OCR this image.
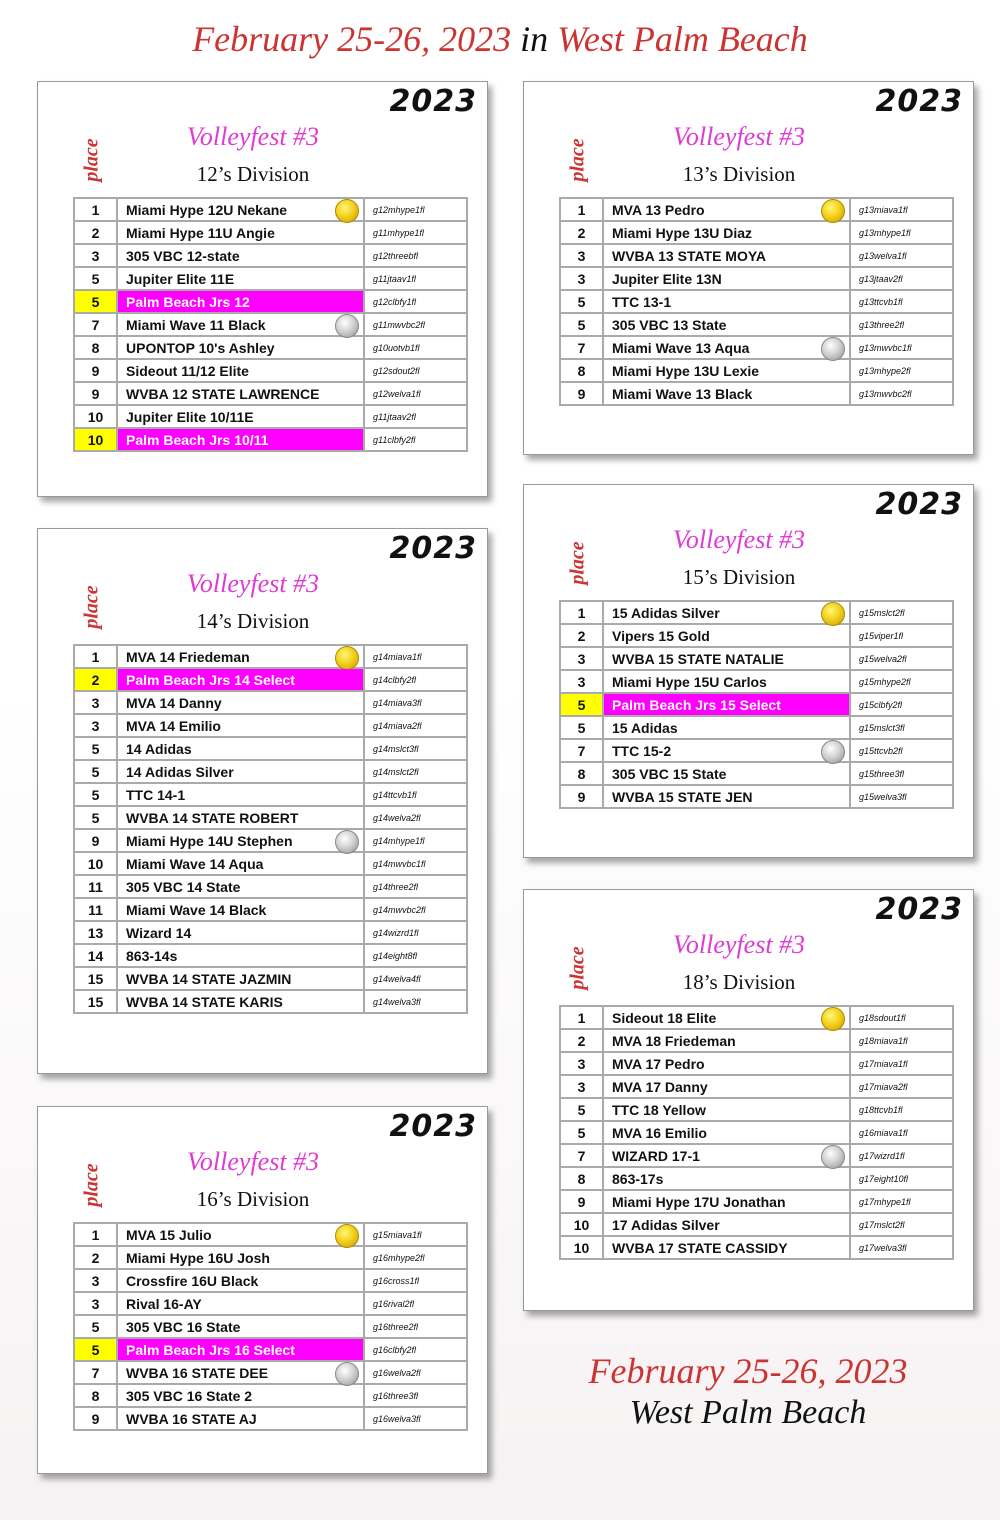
February 25-26, 2023 in West Palm Beach
2023
place
Volleyfest #3
12’s Division
1	Miami Hype 12U Nekane	g12mhype1fl
2	Miami Hype 11U Angie	g11mhype1fl
3	305 VBC 12-state	g12threebfl
5	Jupiter Elite 11E	g11jtaav1fl
5	Palm Beach Jrs 12	g12clbfy1fl
7	Miami Wave 11 Black	g11mwvbc2fl
8	UPONTOP 10's Ashley	g10uotvb1fl
9	Sideout 11/12 Elite	g12sdout2fl
9	WVBA 12 STATE LAWRENCE	g12welva1fl
10	Jupiter Elite 10/11E	g11jtaav2fl
10	Palm Beach Jrs 10/11	g11clbfy2fl
2023
place
Volleyfest #3
13’s Division
1	MVA 13 Pedro	g13miava1fl
2	Miami Hype 13U Diaz	g13mhype1fl
3	WVBA 13 STATE MOYA	g13welva1fl
3	Jupiter Elite 13N	g13jtaav2fl
5	TTC 13-1	g13ttcvb1fl
5	305 VBC 13 State	g13three2fl
7	Miami Wave 13 Aqua	g13mwvbc1fl
8	Miami Hype 13U Lexie	g13mhype2fl
9	Miami Wave 13 Black	g13mwvbc2fl
2023
place
Volleyfest #3
14’s Division
1	MVA 14 Friedeman	g14miava1fl
2	Palm Beach Jrs 14 Select	g14clbfy2fl
3	MVA 14 Danny	g14miava3fl
3	MVA 14 Emilio	g14miava2fl
5	14 Adidas	g14mslct3fl
5	14 Adidas Silver	g14mslct2fl
5	TTC 14-1	g14ttcvb1fl
5	WVBA 14 STATE ROBERT	g14welva2fl
9	Miami Hype 14U Stephen	g14mhype1fl
10	Miami Wave 14 Aqua	g14mwvbc1fl
11	305 VBC 14 State	g14three2fl
11	Miami Wave 14 Black	g14mwvbc2fl
13	Wizard 14	g14wizrd1fl
14	863-14s	g14eight8fl
15	WVBA 14 STATE JAZMIN	g14welva4fl
15	WVBA 14 STATE KARIS	g14welva3fl
2023
place
Volleyfest #3
15’s Division
1	15 Adidas Silver	g15mslct2fl
2	Vipers 15 Gold	g15viper1fl
3	WVBA 15 STATE NATALIE	g15welva2fl
3	Miami Hype 15U Carlos	g15mhype2fl
5	Palm Beach Jrs 15 Select	g15clbfy2fl
5	15 Adidas	g15mslct3fl
7	TTC 15-2	g15ttcvb2fl
8	305 VBC 15 State	g15three3fl
9	WVBA 15 STATE JEN	g15welva3fl
2023
place
Volleyfest #3
16’s Division
1	MVA 15 Julio	g15miava1fl
2	Miami Hype 16U Josh	g16mhype2fl
3	Crossfire 16U Black	g16cross1fl
3	Rival 16-AY	g16rival2fl
5	305 VBC 16 State	g16three2fl
5	Palm Beach Jrs 16 Select	g16clbfy2fl
7	WVBA 16 STATE DEE	g16welva2fl
8	305 VBC 16 State 2	g16three3fl
9	WVBA 16 STATE AJ	g16welva3fl
2023
place
Volleyfest #3
18’s Division
1	Sideout 18 Elite	g18sdout1fl
2	MVA 18 Friedeman	g18miava1fl
3	MVA 17 Pedro	g17miava1fl
3	MVA 17 Danny	g17miava2fl
5	TTC 18 Yellow	g18ttcvb1fl
5	MVA 16 Emilio	g16miava1fl
7	WIZARD 17-1	g17wizrd1fl
8	863-17s	g17eight10fl
9	Miami Hype 17U Jonathan	g17mhype1fl
10	17 Adidas Silver	g17mslct2fl
10	WVBA 17 STATE CASSIDY	g17welva3fl
February 25-26, 2023
West Palm Beach
